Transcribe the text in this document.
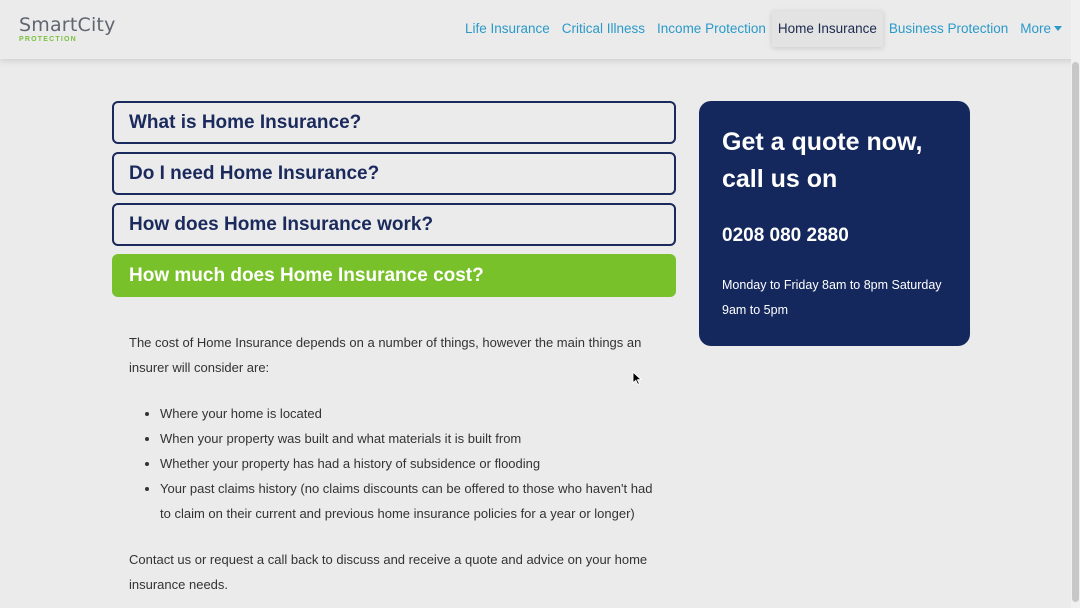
SmartCity
PROTECTION
Life Insurance Critical Illness Income Protection Home Insurance Business Protection More
What is Home Insurance?
Do I need Home Insurance?
How does Home Insurance work?
How much does Home Insurance cost?

The cost of Home Insurance depends on a number of things, however the main things an insurer will consider are:

• Where your home is located
• When your property was built and what materials it is built from
• Whether your property has had a history of subsidence or flooding
• Your past claims history (no claims discounts can be offered to those who haven't had to claim on their current and previous home insurance policies for a year or longer)

Contact us or request a call back to discuss and receive a quote and advice on your home insurance needs.

Get a quote now, call us on
0208 080 2880
Monday to Friday 8am to 8pm Saturday 9am to 5pm
